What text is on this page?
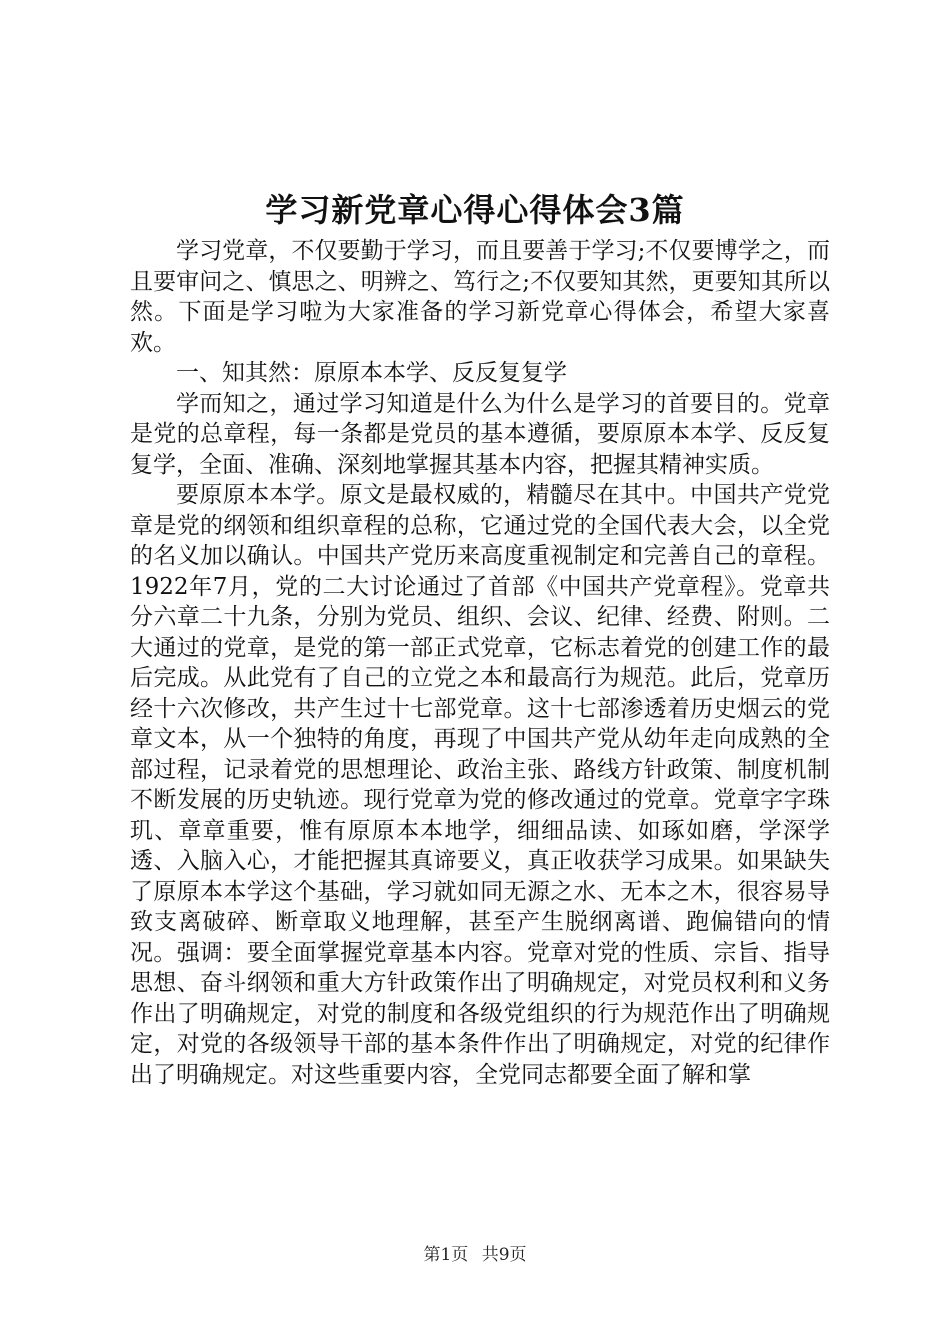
学习新党章心得心得体会3篇

学习党章，不仅要勤于学习，而且要善于学习;不仅要博学之，而且要审问之、慎思之、明辨之、笃行之;不仅要知其然，更要知其所以然。下面是学习啦为大家准备的学习新党章心得体会，希望大家喜欢。

一、知其然：原原本本学、反反复复学

学而知之，通过学习知道是什么为什么是学习的首要目的。党章是党的总章程，每一条都是党员的基本遵循，要原原本本学、反反复复学，全面、准确、深刻地掌握其基本内容，把握其精神实质。

要原原本本学。原文是最权威的，精髓尽在其中。中国共产党党章是党的纲领和组织章程的总称，它通过党的全国代表大会，以全党的名义加以确认。中国共产党历来高度重视制定和完善自己的章程。1922年7月，党的二大讨论通过了首部《中国共产党章程》。党章共分六章二十九条，分别为党员、组织、会议、纪律、经费、附则。二大通过的党章，是党的第一部正式党章，它标志着党的创建工作的最后完成。从此党有了自己的立党之本和最高行为规范。此后，党章历经十六次修改，共产生过十七部党章。这十七部渗透着历史烟云的党章文本，从一个独特的角度，再现了中国共产党从幼年走向成熟的全部过程，记录着党的思想理论、政治主张、路线方针政策、制度机制不断发展的历史轨迹。现行党章为党的修改通过的党章。党章字字珠玑、章章重要，惟有原原本本地学，细细品读、如琢如磨，学深学透、入脑入心，才能把握其真谛要义，真正收获学习成果。如果缺失了原原本本学这个基础，学习就如同无源之水、无本之木，很容易导致支离破碎、断章取义地理解，甚至产生脱纲离谱、跑偏错向的情况。强调：要全面掌握党章基本内容。党章对党的性质、宗旨、指导思想、奋斗纲领和重大方针政策作出了明确规定，对党员权利和义务作出了明确规定，对党的制度和各级党组织的行为规范作出了明确规定，对党的各级领导干部的基本条件作出了明确规定，对党的纪律作出了明确规定。对这些重要内容，全党同志都要全面了解和掌

第1页 共9页
